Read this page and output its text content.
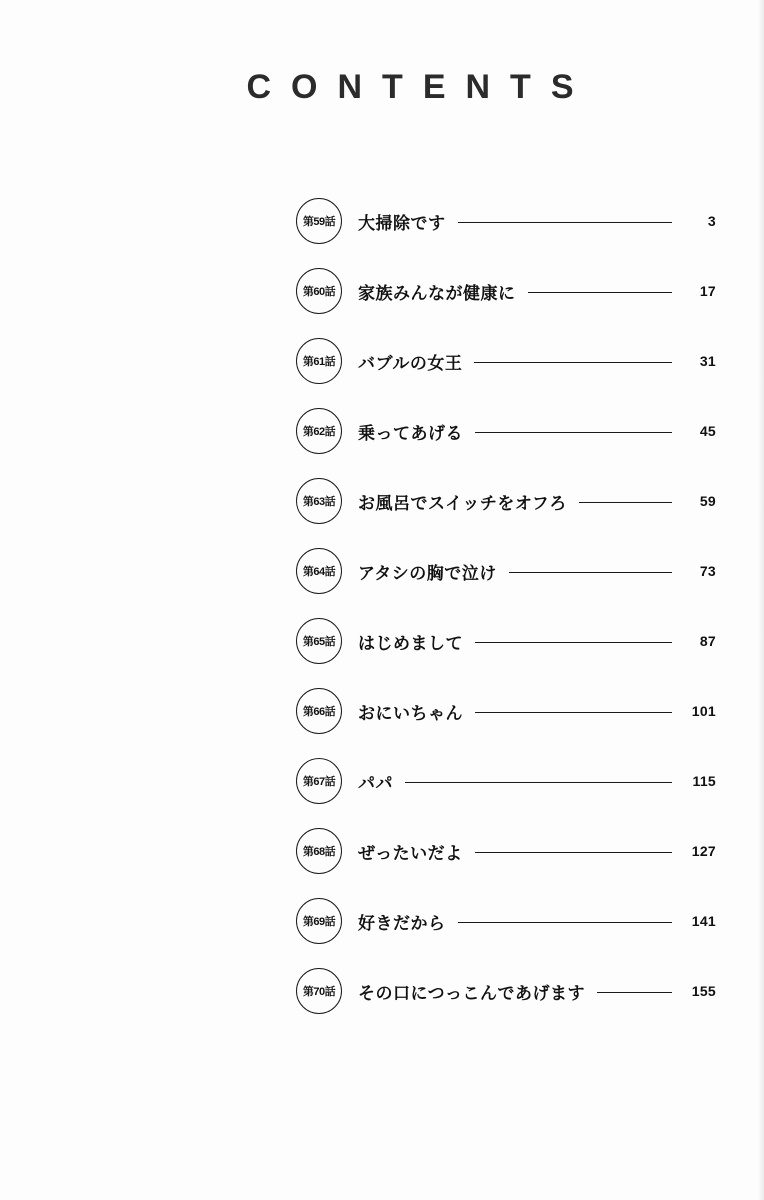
CONTENTS
第59話	大掃除です	3
第60話	家族みんなが健康に	17
第61話	バブルの女王	31
第62話	乗ってあげる	45
第63話	お風呂でスイッチをオフろ	59
第64話	アタシの胸で泣け	73
第65話	はじめまして	87
第66話	おにいちゃん	101
第67話	パパ	115
第68話	ぜったいだよ	127
第69話	好きだから	141
第70話	その口につっこんであげます	155
